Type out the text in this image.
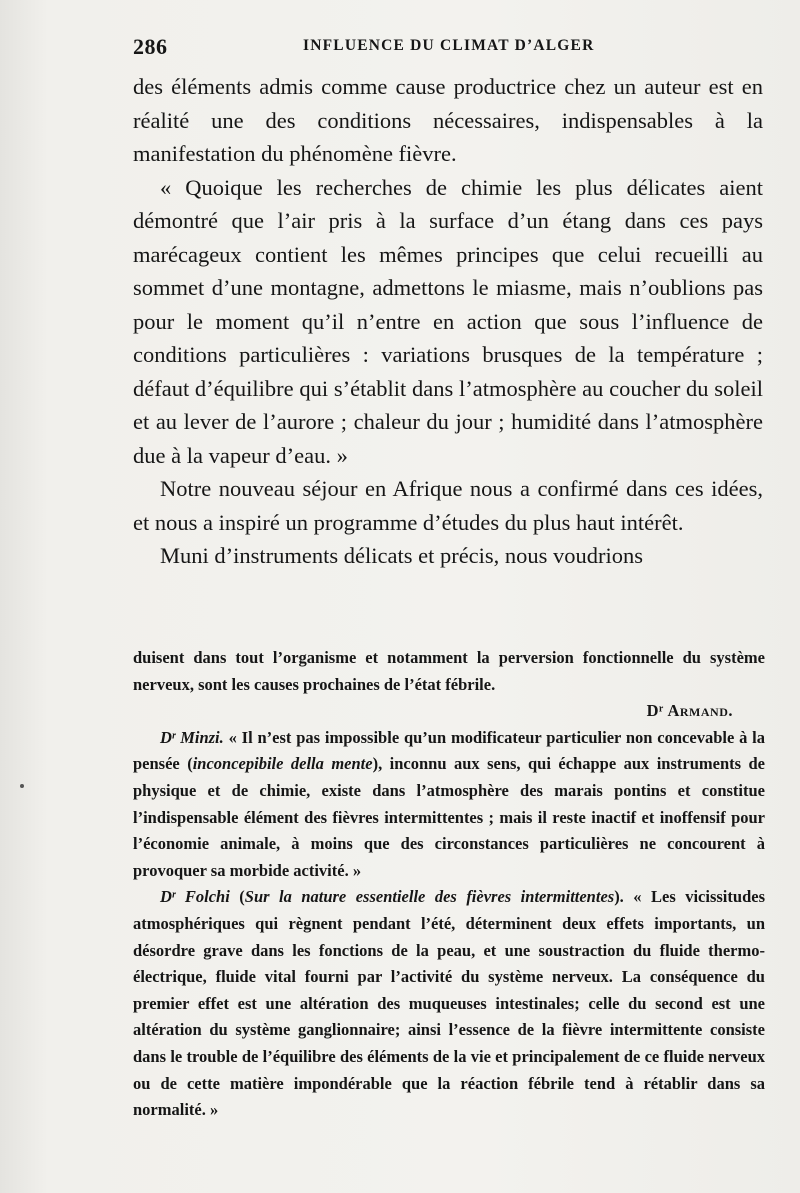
286	INFLUENCE DU CLIMAT D’ALGER

des éléments admis comme cause productrice chez un auteur est en réalité une des conditions nécessaires, indispensables à la manifestation du phénomène fièvre.

« Quoique les recherches de chimie les plus délicates aient démontré que l’air pris à la surface d’un étang dans ces pays marécageux contient les mêmes principes que celui recueilli au sommet d’une montagne, admettons le miasme, mais n’oublions pas pour le moment qu’il n’entre en action que sous l’influence de conditions particulières : variations brusques de la température ; défaut d’équilibre qui s’établit dans l’atmosphère au coucher du soleil et au lever de l’aurore ; chaleur du jour ; humidité dans l’atmosphère due à la vapeur d’eau. »

Notre nouveau séjour en Afrique nous a confirmé dans ces idées, et nous a inspiré un programme d’études du plus haut intérêt.

Muni d’instruments délicats et précis, nous voudrions

duisent dans tout l’organisme et notamment la perversion fonctionnelle du système nerveux, sont les causes prochaines de l’état fébrile.

Dʳ Armand.

Dʳ Minzi. « Il n’est pas impossible qu’un modificateur particulier non concevable à la pensée (inconcepibile della mente), inconnu aux sens, qui échappe aux instruments de physique et de chimie, existe dans l’atmosphère des marais pontins et constitue l’indispensable élément des fièvres intermittentes ; mais il reste inactif et inoffensif pour l’économie animale, à moins que des circonstances particulières ne concourent à provoquer sa morbide activité. »

Dʳ Folchi (Sur la nature essentielle des fièvres intermittentes). « Les vicissitudes atmosphériques qui règnent pendant l’été, déterminent deux effets importants, un désordre grave dans les fonctions de la peau, et une soustraction du fluide thermo-électrique, fluide vital fourni par l’activité du système nerveux. La conséquence du premier effet est une altération des muqueuses intestinales; celle du second est une altération du système ganglionnaire; ainsi l’essence de la fièvre intermittente consiste dans le trouble de l’équilibre des éléments de la vie et principalement de ce fluide nerveux ou de cette matière impondérable que la réaction fébrile tend à rétablir dans sa normalité. »
